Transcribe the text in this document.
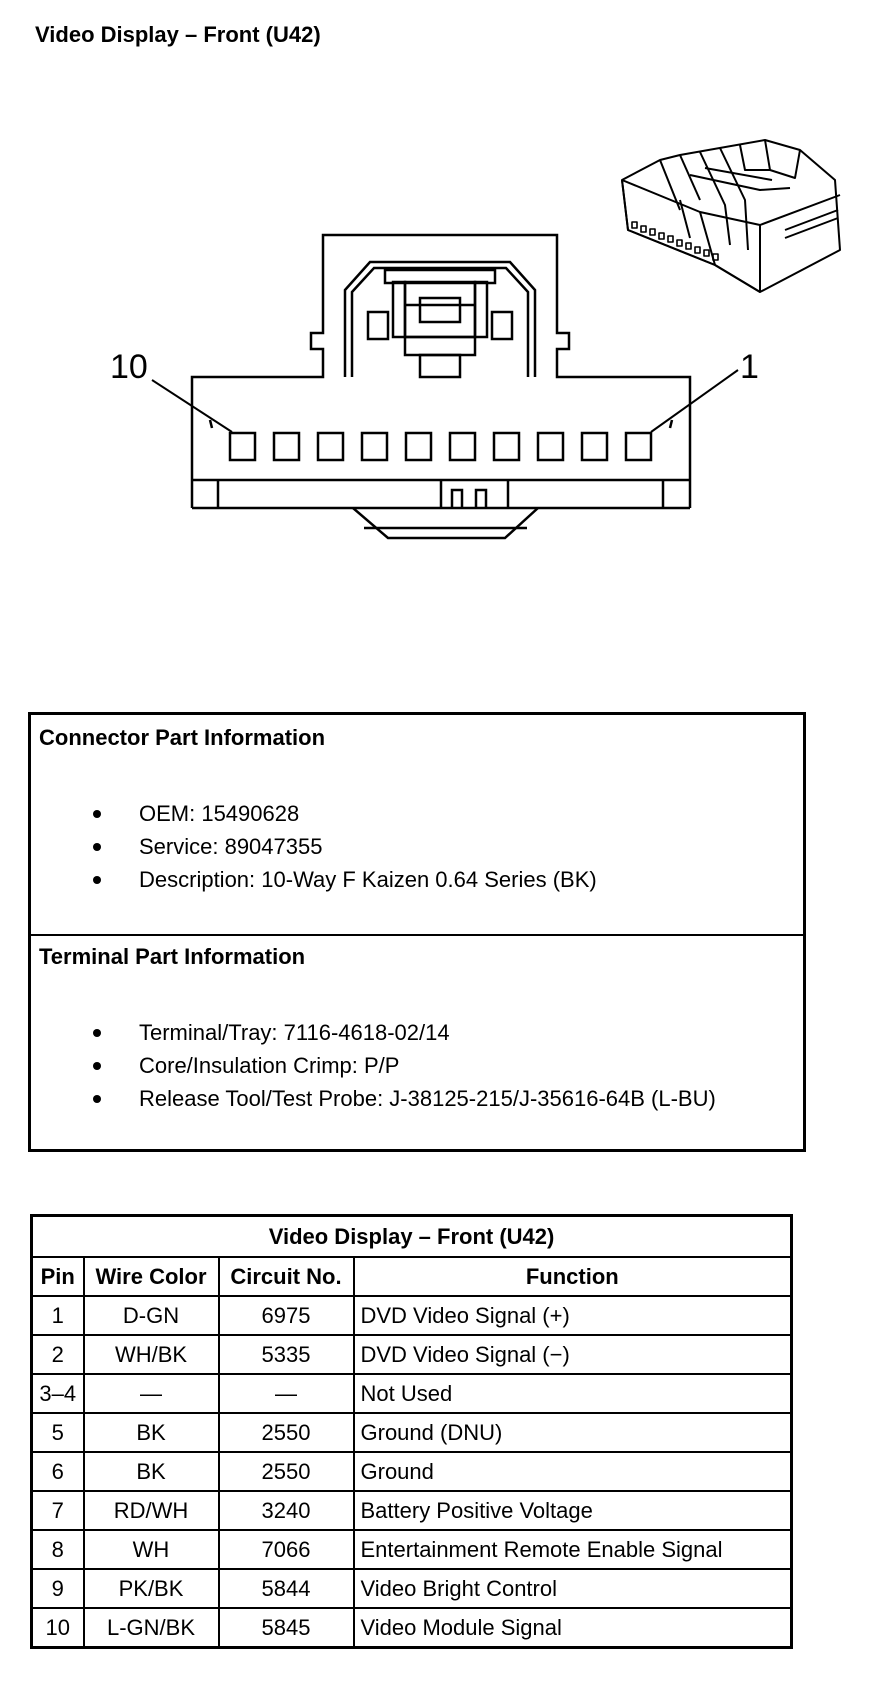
Video Display – Front (U42)
10	1
Connector Part Information
OEM: 15490628
Service: 89047355
Description: 10-Way F Kaizen 0.64 Series (BK)
Terminal Part Information
Terminal/Tray: 7116-4618-02/14
Core/Insulation Crimp: P/P
Release Tool/Test Probe: J-38125-215/J-35616-64B (L-BU)
Video Display – Front (U42)			
Pin	Wire Color	Circuit No.	Function
1	D-GN	6975	DVD Video Signal (+)
2	WH/BK	5335	DVD Video Signal (−)
3–4	—	—	Not Used
5	BK	2550	Ground (DNU)
6	BK	2550	Ground
7	RD/WH	3240	Battery Positive Voltage
8	WH	7066	Entertainment Remote Enable Signal
9	PK/BK	5844	Video Bright Control
10	L-GN/BK	5845	Video Module Signal
